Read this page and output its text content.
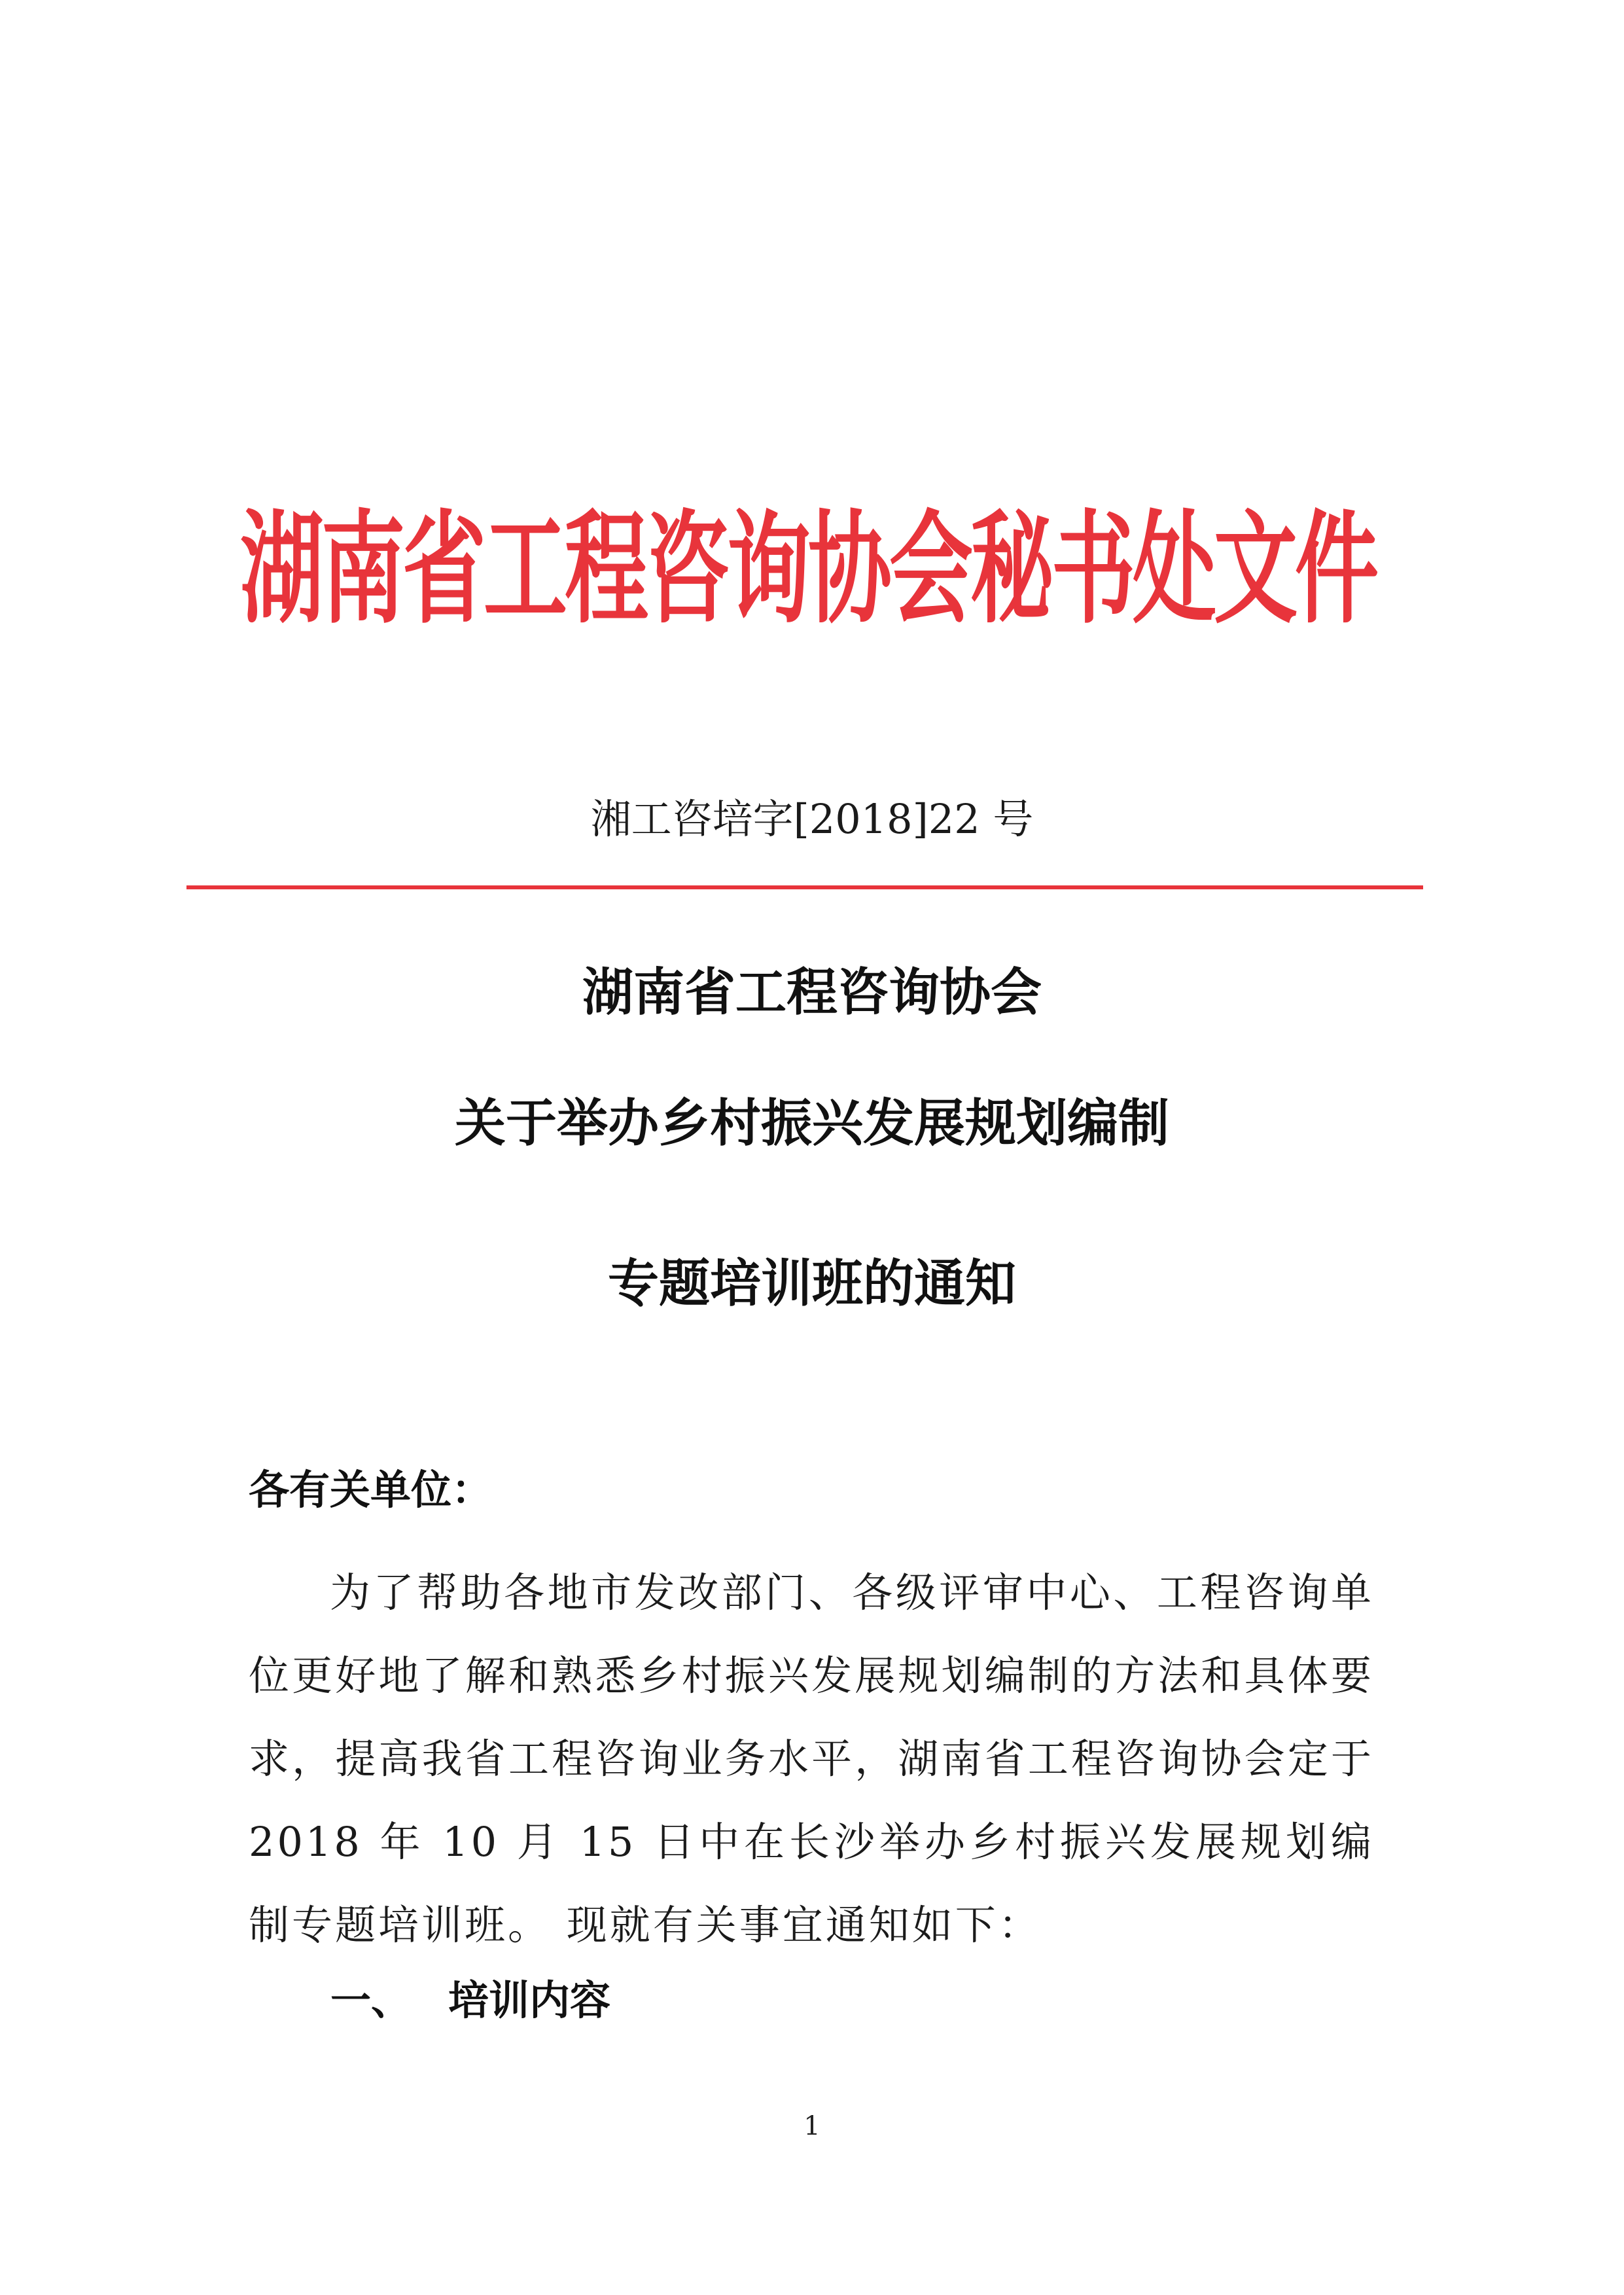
湖南省工程咨询协会秘书处文件
湘工咨培字[2018]22 号
湖南省工程咨询协会
关于举办乡村振兴发展规划编制
专题培训班的通知
各有关单位：

为了帮助各地市发改部门、各级评审中心、工程咨询单位更好地了解和熟悉乡村振兴发展规划编制的方法和具体要求，提高我省工程咨询业务水平，湖南省工程咨询协会定于 2018 年 10 月 15 日中在长沙举办乡村振兴发展规划编制专题培训班。 现就有关事宜通知如下：

一、 培训内容
1
